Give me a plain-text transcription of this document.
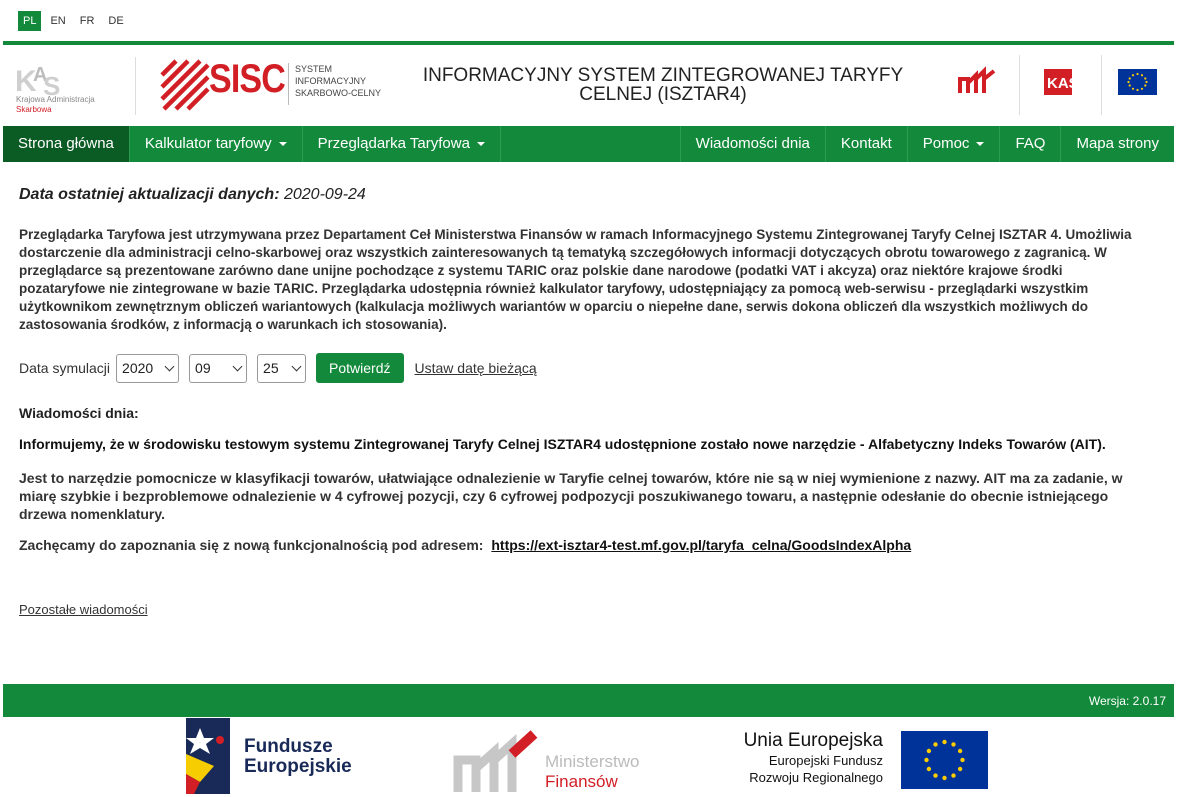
PL	EN	FR	DE
K
A
S
Krajowa Administracja
Skarbowa
SISC SYSTEM
INFORMACYJNY
SKARBOWO-CELNY
INFORMACYJNY SYSTEM ZINTEGROWANEJ TARYFY
CELNEJ (ISZTAR4)
KAS
Strona główna	Kalkulator taryfowy	Przeglądarka Taryfowa	Wiadomości dnia	Kontakt	Pomoc	FAQ	Mapa strony
Data ostatniej aktualizacji danych: 2020-09-24

Przeglądarka Taryfowa jest utrzymywana przez Departament Ceł Ministerstwa Finansów w ramach Informacyjnego Systemu Zintegrowanej Taryfy Celnej ISZTAR 4. Umożliwia dostarczenie dla administracji celno-skarbowej oraz wszystkich zainteresowanych tą tematyką szczegółowych informacji dotyczących obrotu towarowego z zagranicą. W przeglądarce są prezentowane zarówno dane unijne pochodzące z systemu TARIC oraz polskie dane narodowe (podatki VAT i akcyza) oraz niektóre krajowe środki pozataryfowe nie zintegrowane w bazie TARIC. Przeglądarka udostępnia również kalkulator taryfowy, udostępniający za pomocą web-serwisu - przeglądarki wszystkim użytkownikom zewnętrznym obliczeń wariantowych (kalkulacja możliwych wariantów w oparciu o niepełne dane, serwis dokona obliczeń dla wszystkich możliwych do zastosowania środków, z informacją o warunkach ich stosowania).

Data symulacji 2020	09	25	Potwierdź	Ustaw datę bieżącą
Wiadomości dnia:
Informujemy, że w środowisku testowym systemu Zintegrowanej Taryfy Celnej ISZTAR4 udostępnione zostało nowe narzędzie - Alfabetyczny Indeks Towarów (AIT).

Jest to narzędzie pomocnicze w klasyfikacji towarów, ułatwiające odnalezienie w Taryfie celnej towarów, które nie są w niej wymienione z nazwy. AIT ma za zadanie, w miarę szybkie i bezproblemowe odnalezienie w 4 cyfrowej pozycji, czy 6 cyfrowej podpozycji poszukiwanego towaru, a następnie odesłanie do obecnie istniejącego drzewa nomenklatury.

Zachęcamy do zapoznania się z nową funkcjonalnością pod adresem: https://ext-isztar4-test.mf.gov.pl/taryfa_celna/GoodsIndexAlpha
Pozostałe wiadomości
Wersja: 2.0.17
Fundusze
Europejskie	Ministerstwo
Finansów
Unia Europejska
Europejski Fundusz
Rozwoju Regionalnego
